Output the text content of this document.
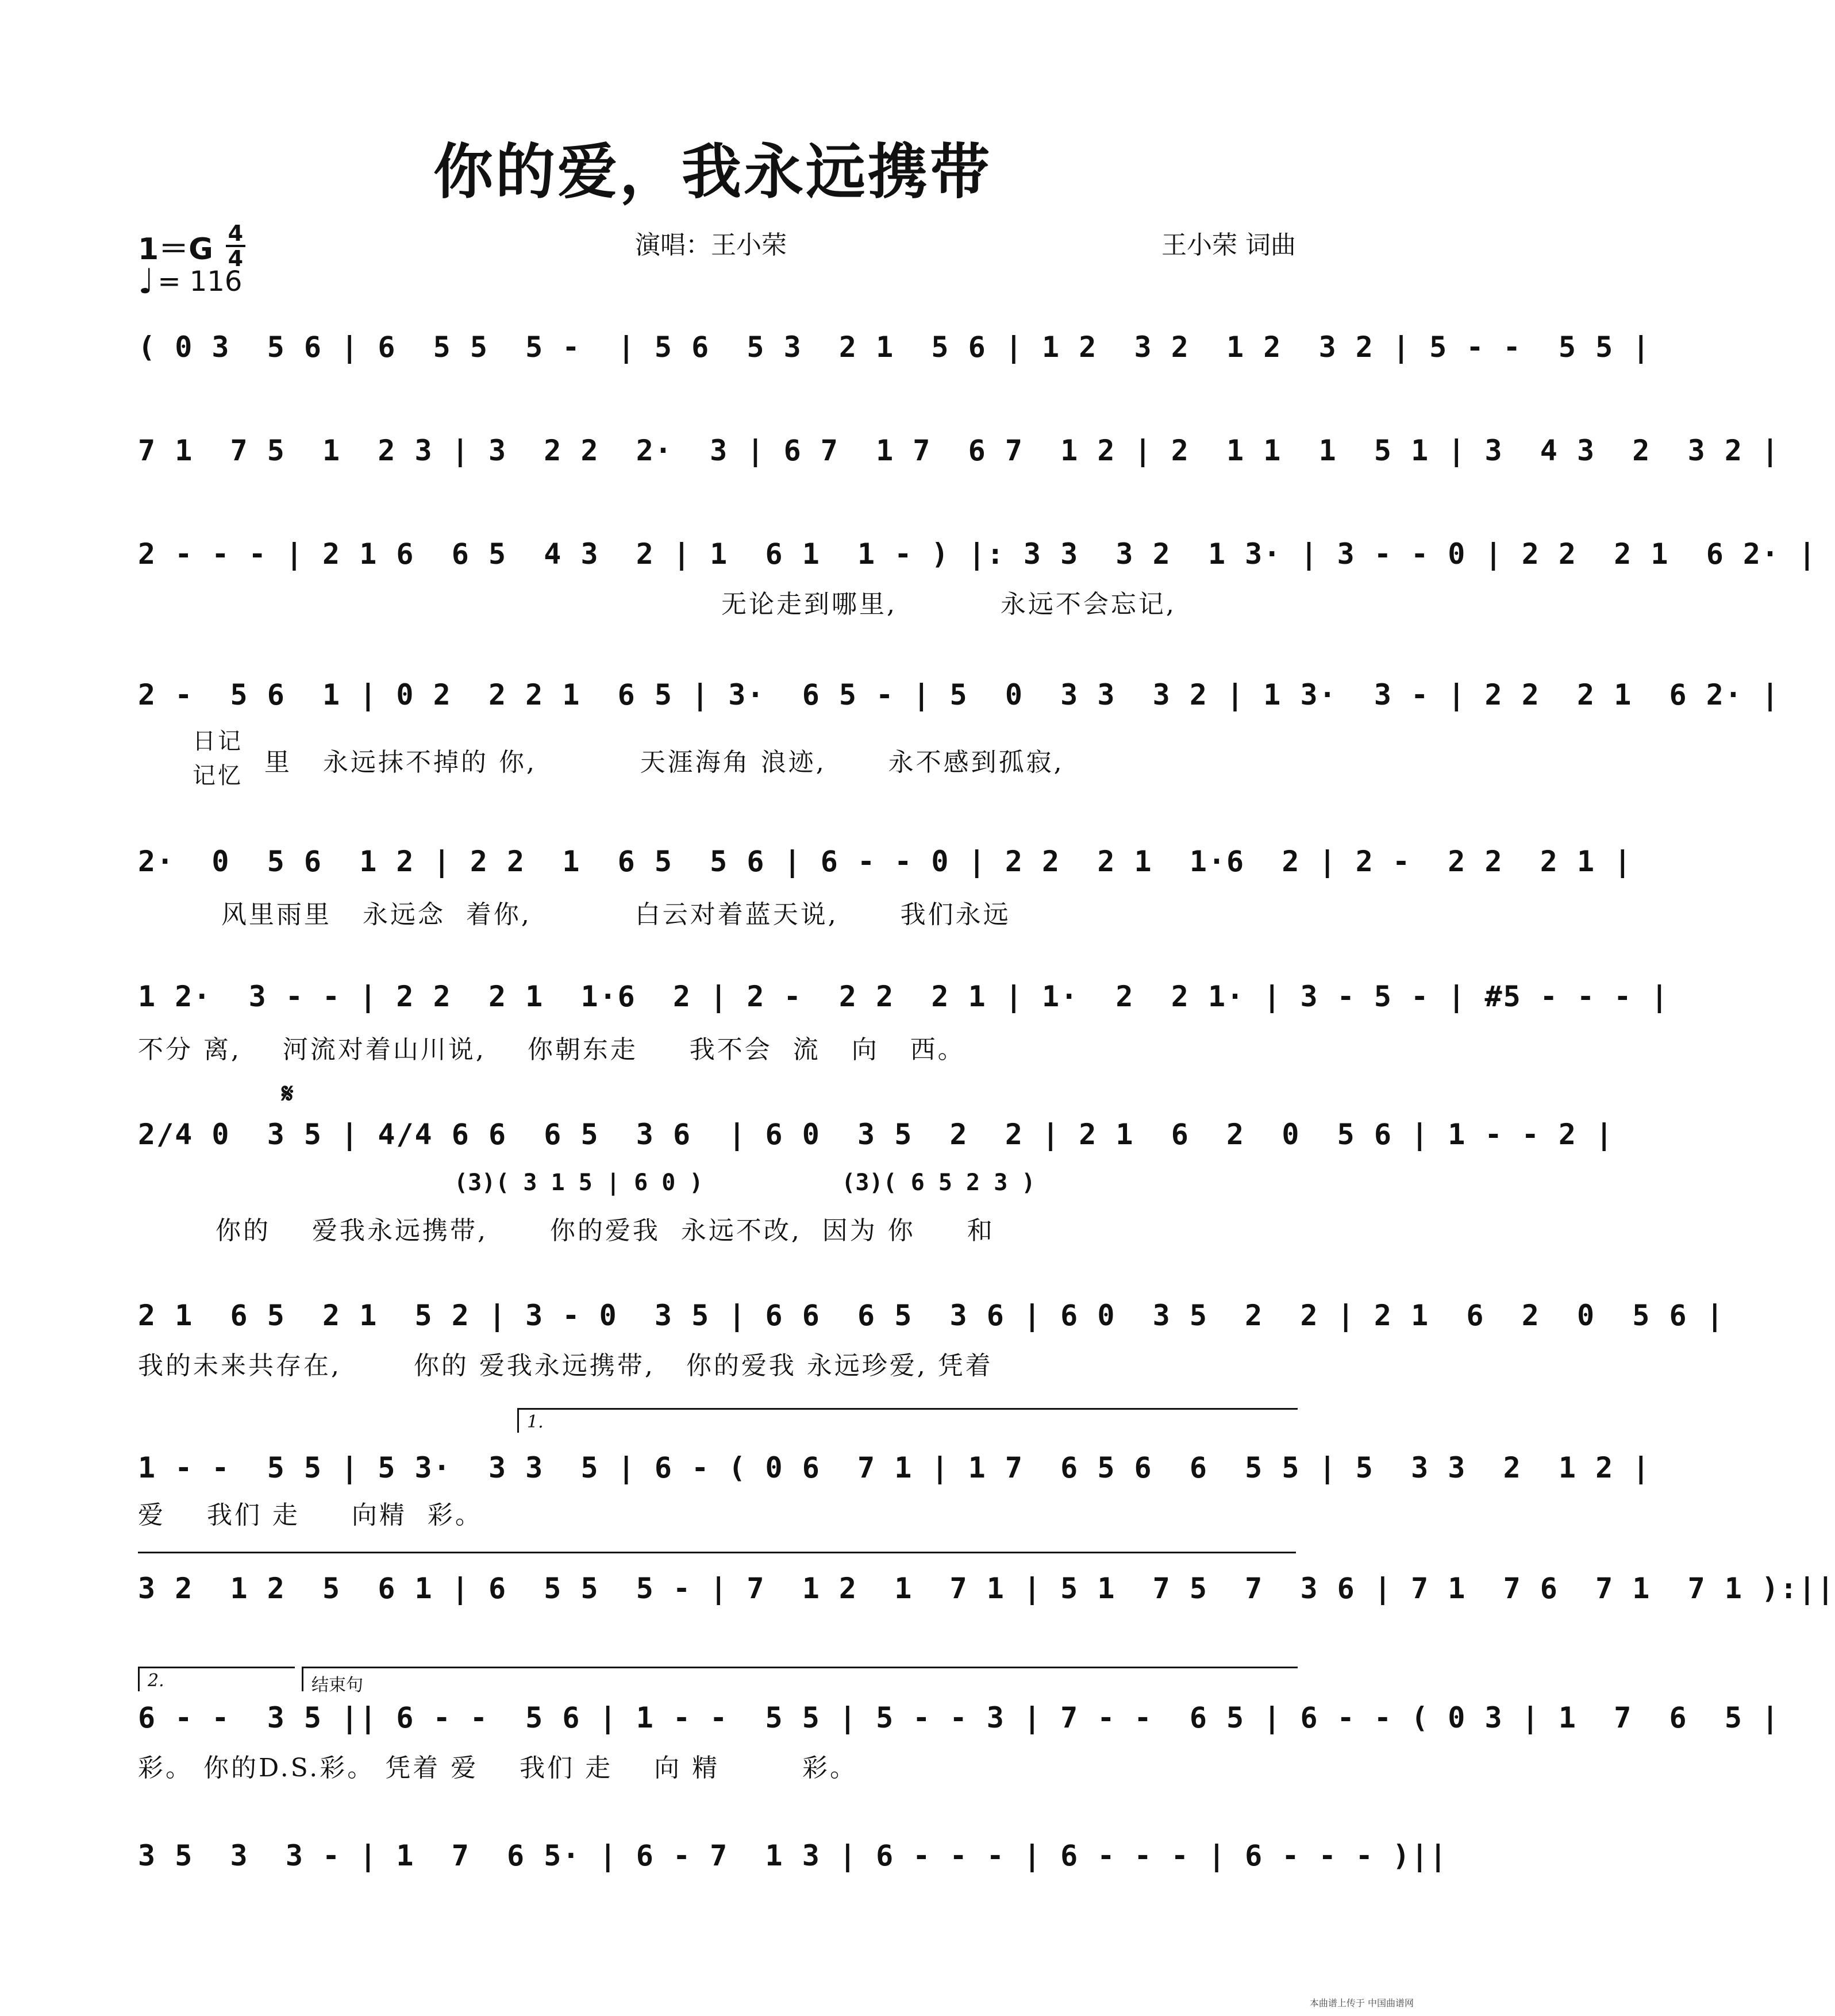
你的爱，我永远携带
$1=G \frac{4}{4}$
♩ = 116
演唱：王小荣	王小荣 词曲
( 0 3  5 6 | 6  5 5  5 -  | 5 6  5 3  2 1  5 6 | 1 2  3 2  1 2  3 2 | 5 - -  5 5 |
7 1  7 5  1  2 3 | 3  2 2  2·  3 | 6 7  1 7  6 7  1 2 | 2  1 1  1  5 1 | 3  4 3  2  3 2 |
2 - - - | 2 1 6  6 5  4 3  2 | 1  6 1  1 - ) |: 3 3  3 2  1 3· | 3 - - 0 | 2 2  2 1  6 2· |
无论走到哪里,          永远不会忘记,
2 -  5 6  1 | 0 2  2 2 1  6 5 | 3·  6 5 - | 5  0  3 3  3 2 | 1 3·  3 - | 2 2  2 1  6 2· |
日记
记忆 里   永远抹不掉的 你,          天涯海角 浪迹,      永不感到孤寂,
2·  0  5 6  1 2 | 2 2  1  6 5  5 6 | 6 - - 0 | 2 2  2 1  1·6  2 | 2 -  2 2  2 1 |
风里雨里   永远念  着你,          白云对着蓝天说,      我们永远
1 2·  3 - - | 2 2  2 1  1·6  2 | 2 -  2 2  2 1 | 1·  2  2 1· | 3 - 5 - | #5 - - - |
不分 离,    河流对着山川说,    你朝东走     我不会  流   向   西。
𝄋
2/4 0  3 5 | 4/4 6 6  6 5  3 6  | 6 0  3 5  2  2 | 2 1  6  2  0  5 6 | 1 - - 2 |
(3)( 3 1 5 | 6 0 )          (3)( 6 5 2 3 )
你的    爱我永远携带,      你的爱我  永远不改,  因为 你     和
2 1  6 5  2 1  5 2 | 3 - 0  3 5 | 6 6  6 5  3 6 | 6 0  3 5  2  2 | 2 1  6  2  0  5 6 |
我的未来共存在,       你的 爱我永远携带,   你的爱我 永远珍爱, 凭着
1.
1 - -  5 5 | 5 3·  3 3  5 | 6 - ( 0 6  7 1 | 1 7  6 5 6  6  5 5 | 5  3 3  2  1 2 |
爱    我们 走     向精  彩。
3 2  1 2  5  6 1 | 6  5 5  5 - | 7  1 2  1  7 1 | 5 1  7 5  7  3 6 | 7 1  7 6  7 1  7 1 ):||
2.	结束句
6 - -  3 5 || 6 - -  5 6 | 1 - -  5 5 | 5 - - 3 | 7 - -  6 5 | 6 - - ( 0 3 | 1  7  6  5 |
彩。 你的D.S.彩。 凭着 爱    我们 走    向 精        彩。
3 5  3  3 - | 1  7  6 5· | 6 - 7  1 3 | 6 - - - | 6 - - - | 6 - - - )||
本曲谱上传于 中国曲谱网
